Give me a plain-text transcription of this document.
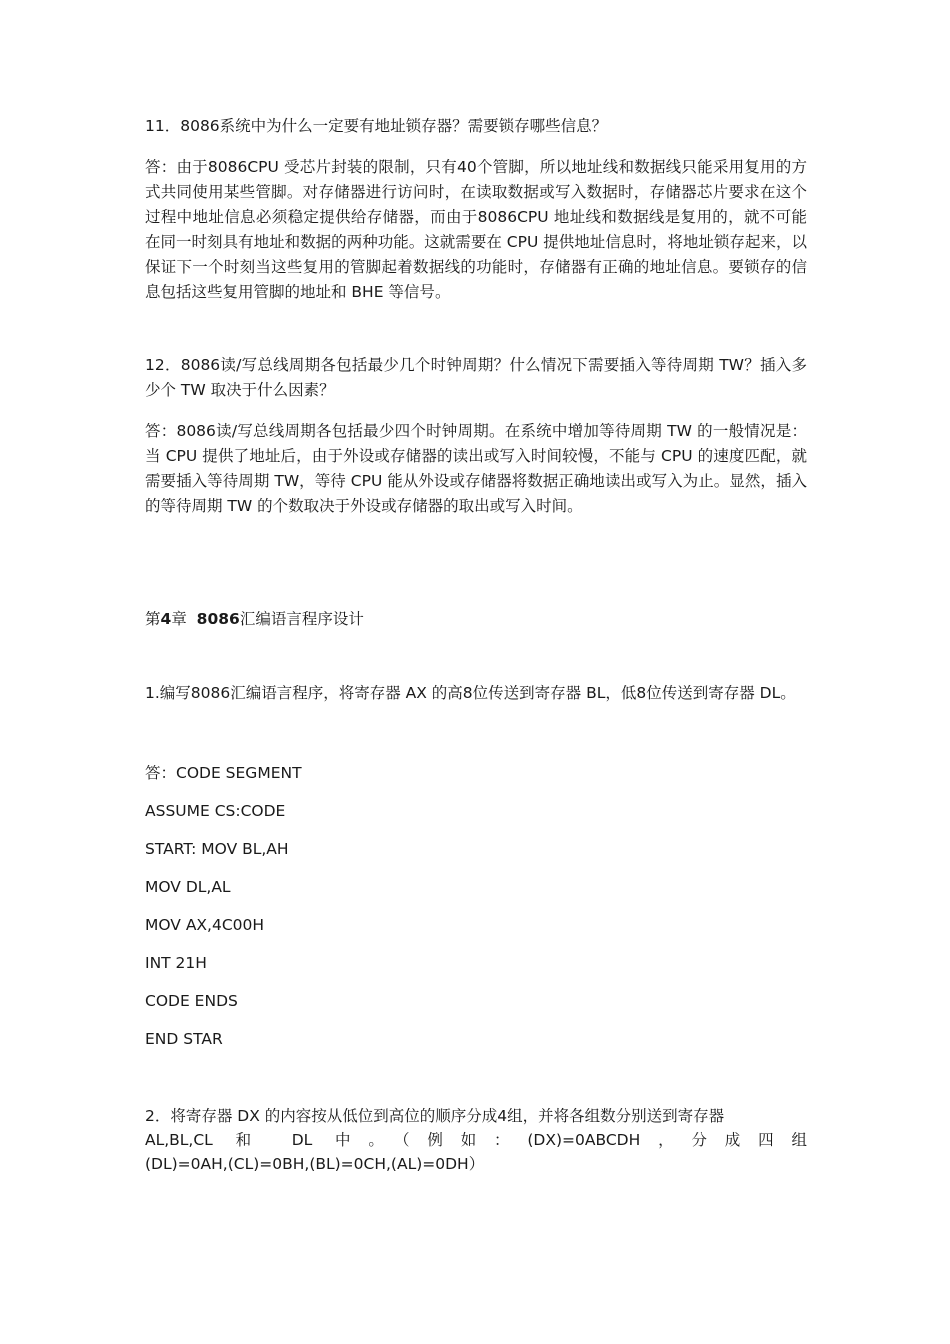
11．8086系统中为什么一定要有地址锁存器？需要锁存哪些信息？

答：由于8086CPU 受芯片封装的限制，只有40个管脚，所以地址线和数据线只能采用复用的方式共同使用某些管脚。对存储器进行访问时，在读取数据或写入数据时，存储器芯片要求在这个过程中地址信息必须稳定提供给存储器，而由于8086CPU 地址线和数据线是复用的，就不可能在同一时刻具有地址和数据的两种功能。这就需要在 CPU 提供地址信息时，将地址锁存起来，以保证下一个时刻当这些复用的管脚起着数据线的功能时，存储器有正确的地址信息。要锁存的信息包括这些复用管脚的地址和 BHE 等信号。

12．8086读/写总线周期各包括最少几个时钟周期？什么情况下需要插入等待周期 TW？插入多少个 TW 取决于什么因素？

答：8086读/写总线周期各包括最少四个时钟周期。在系统中增加等待周期 TW 的一般情况是：当 CPU 提供了地址后，由于外设或存储器的读出或写入时间较慢，不能与 CPU 的速度匹配，就需要插入等待周期 TW，等待 CPU 能从外设或存储器将数据正确地读出或写入为止。显然，插入的等待周期 TW 的个数取决于外设或存储器的取出或写入时间。

第4章  8086汇编语言程序设计

1.编写8086汇编语言程序，将寄存器 AX 的高8位传送到寄存器 BL，低8位传送到寄存器 DL。

答：CODE SEGMENT

ASSUME CS:CODE

START: MOV BL,AH

MOV DL,AL

MOV AX,4C00H

INT 21H

CODE ENDS

END STAR

2．将寄存器 DX 的内容按从低位到高位的顺序分成4组，并将各组数分别送到寄存器

AL,BL,CL 和 DL 中。（例如：(DX)=0ABCDH，分成四组

(DL)=0AH,(CL)=0BH,(BL)=0CH,(AL)=0DH）
